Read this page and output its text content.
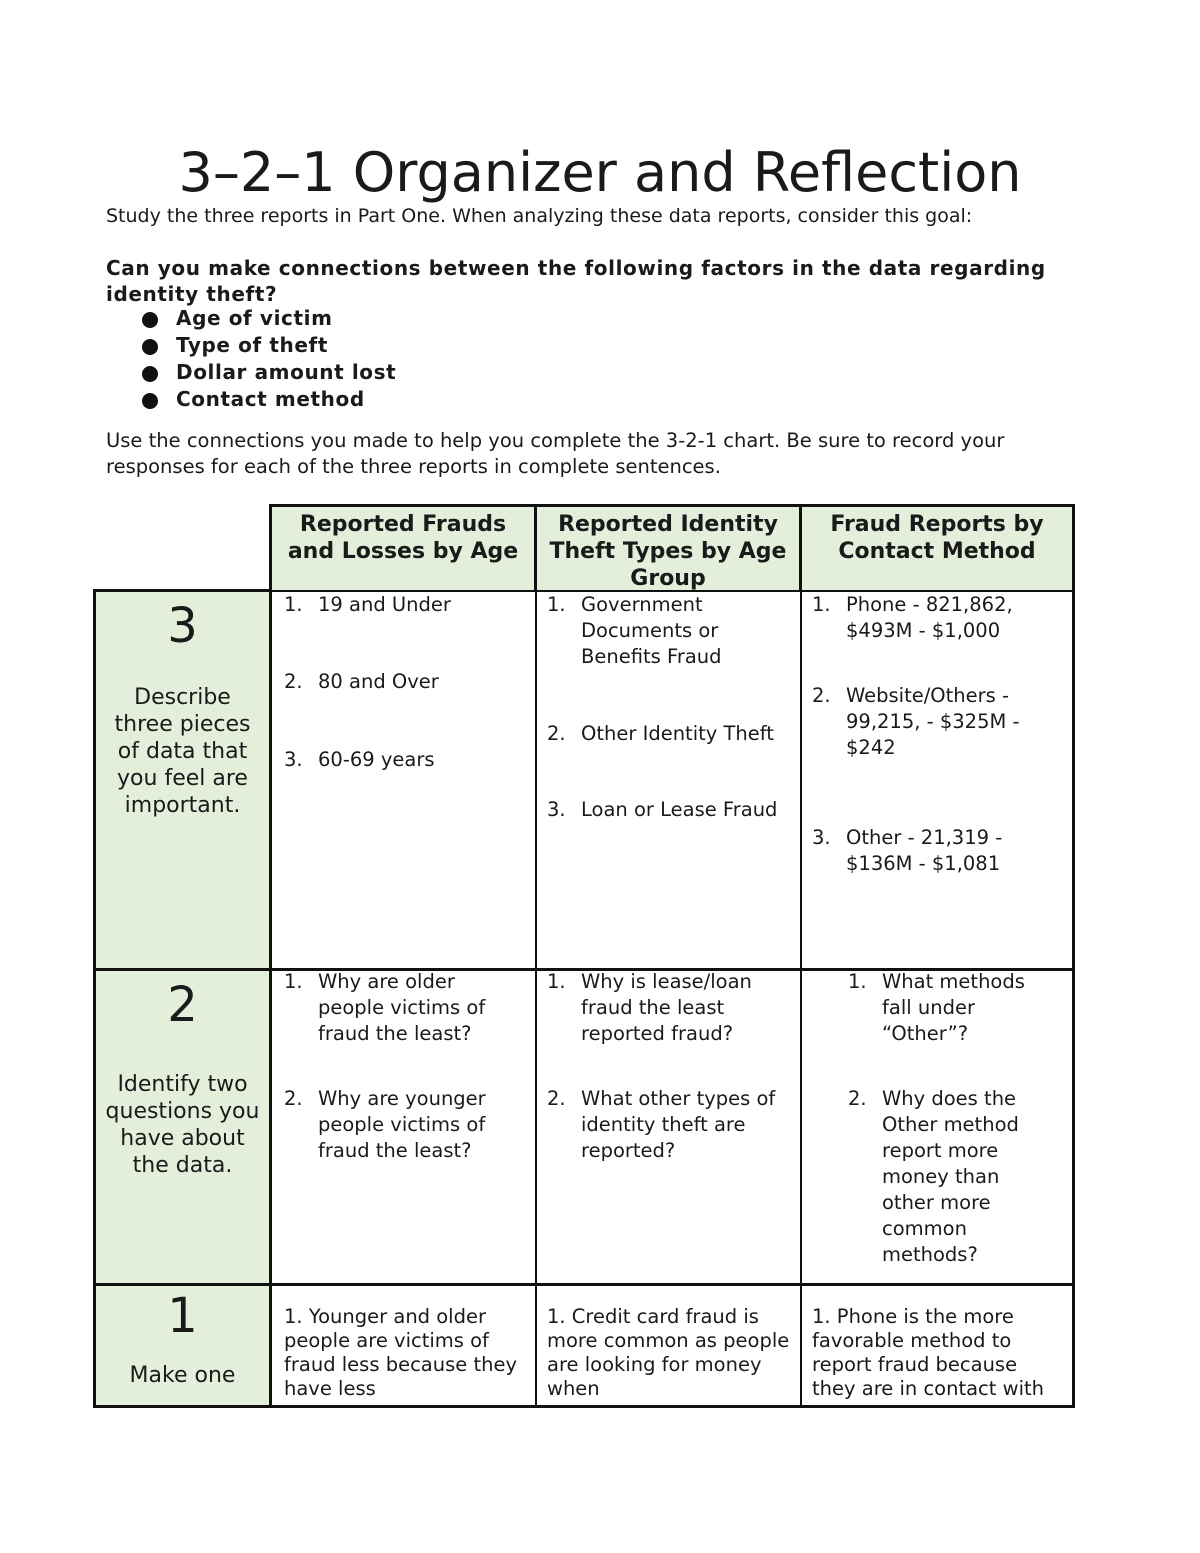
3–2–1 Organizer and Reflection

Study the three reports in Part One. When analyzing these data reports, consider this goal:

Can you make connections between the following factors in the data regarding identity theft?

Age of victim
Type of theft
Dollar amount lost
Contact method

Use the connections you made to help you complete the 3-2-1 chart. Be sure to record your responses for each of the three reports in complete sentences.

Reported Frauds and Losses by Age
Reported Identity Theft Types by Age Group
Fraud Reports by Contact Method
3
Describe three pieces of data that you feel are important.
1. 19 and Under
2. 80 and Over
3. 60-69 years
1. Government Documents or Benefits Fraud
2. Other Identity Theft
3. Loan or Lease Fraud
1. Phone - 821,862, $493M - $1,000
2. Website/Others - 99,215, - $325M - $242
3. Other - 21,319 - $136M - $1,081
2
Identify two questions you have about the data.
1. Why are older people victims of fraud the least?
2. Why are younger people victims of fraud the least?
1. Why is lease/loan fraud the least reported fraud?
2. What other types of identity theft are reported?
1. What methods fall under “Other”?
2. Why does the Other method report more money than other more common methods?
1
Make one
1. Younger and older people are victims of fraud less because they have less
1. Credit card fraud is more common as people are looking for money when
1. Phone is the more favorable method to report fraud because they are in contact with
